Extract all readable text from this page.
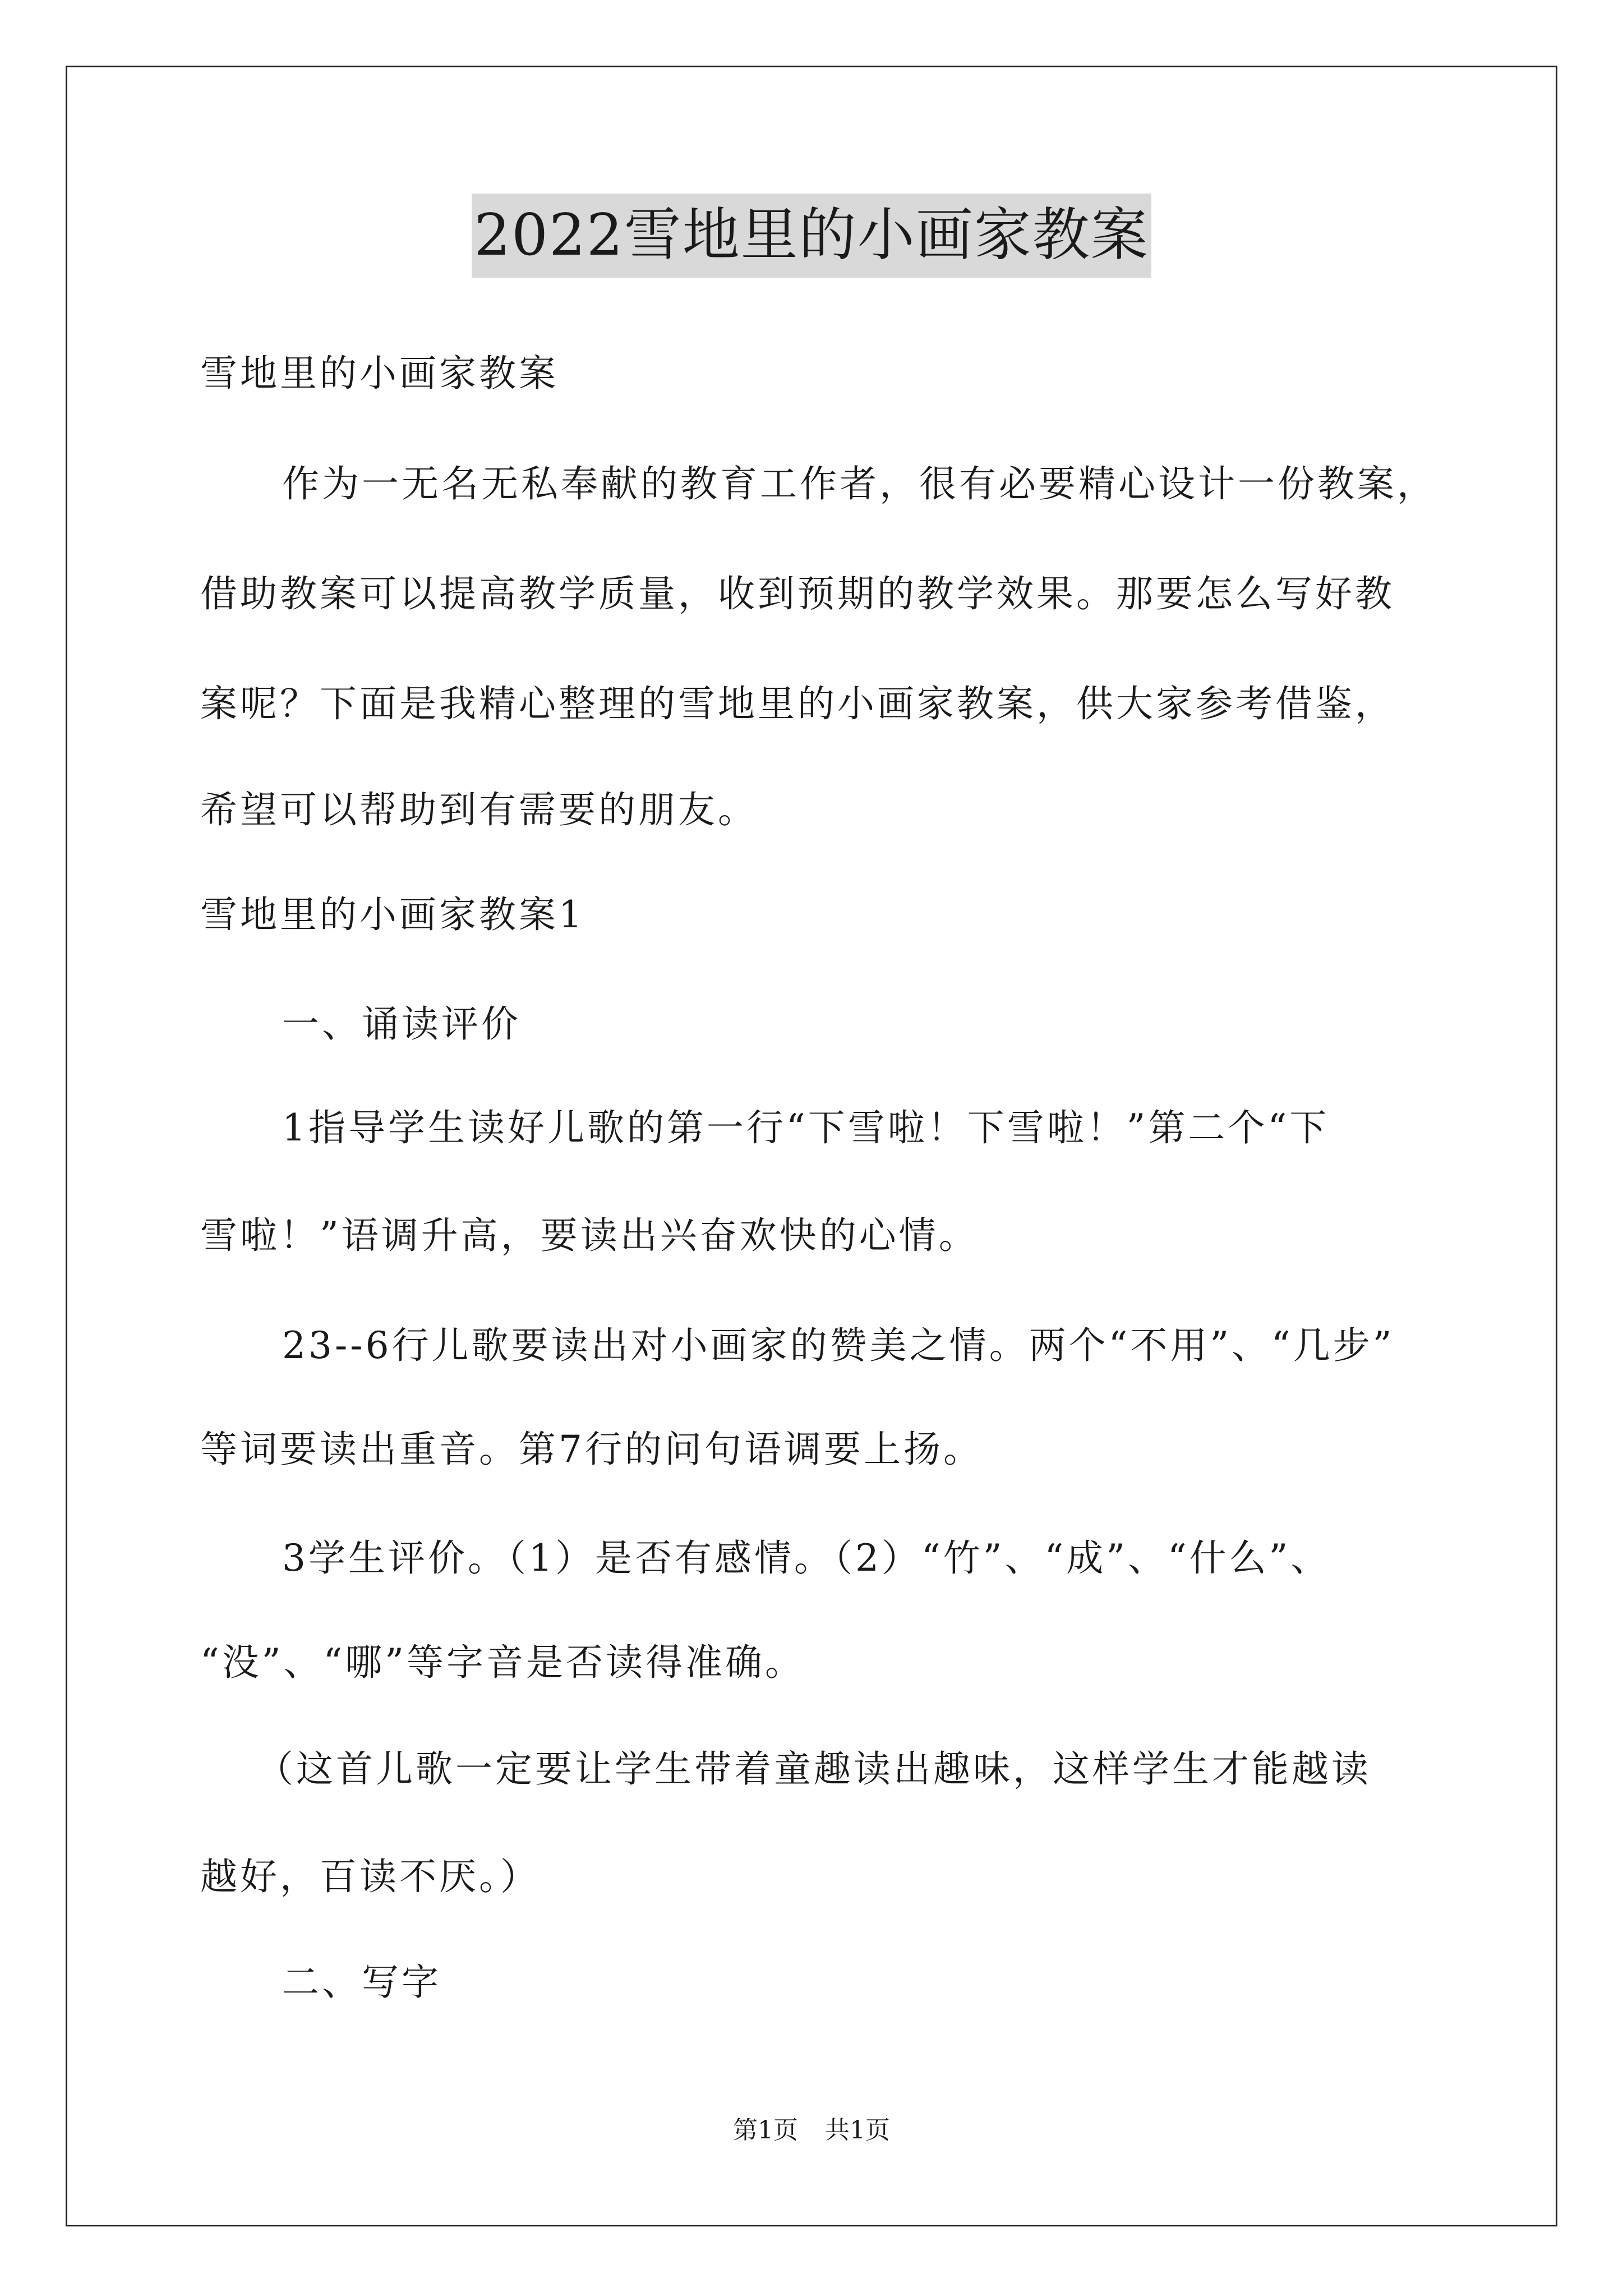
2022雪地里的小画家教案

雪地里的小画家教案

作为一无名无私奉献的教育工作者，很有必要精心设计一份教案，

借助教案可以提高教学质量，收到预期的教学效果。那要怎么写好教

案呢？下面是我精心整理的雪地里的小画家教案，供大家参考借鉴，

希望可以帮助到有需要的朋友。

雪地里的小画家教案1

一、诵读评价

1指导学生读好儿歌的第一行“下雪啦！下雪啦！”第二个“下

雪啦！”语调升高，要读出兴奋欢快的心情。

23--6行儿歌要读出对小画家的赞美之情。两个“不用”、“几步”

等词要读出重音。第7行的问句语调要上扬。

3学生评价。（1）是否有感情。（2）“竹”、“成”、“什么”、

“没”、“哪”等字音是否读得准确。

（这首儿歌一定要让学生带着童趣读出趣味，这样学生才能越读

越好，百读不厌。）

二、写字

第1页 共1页
